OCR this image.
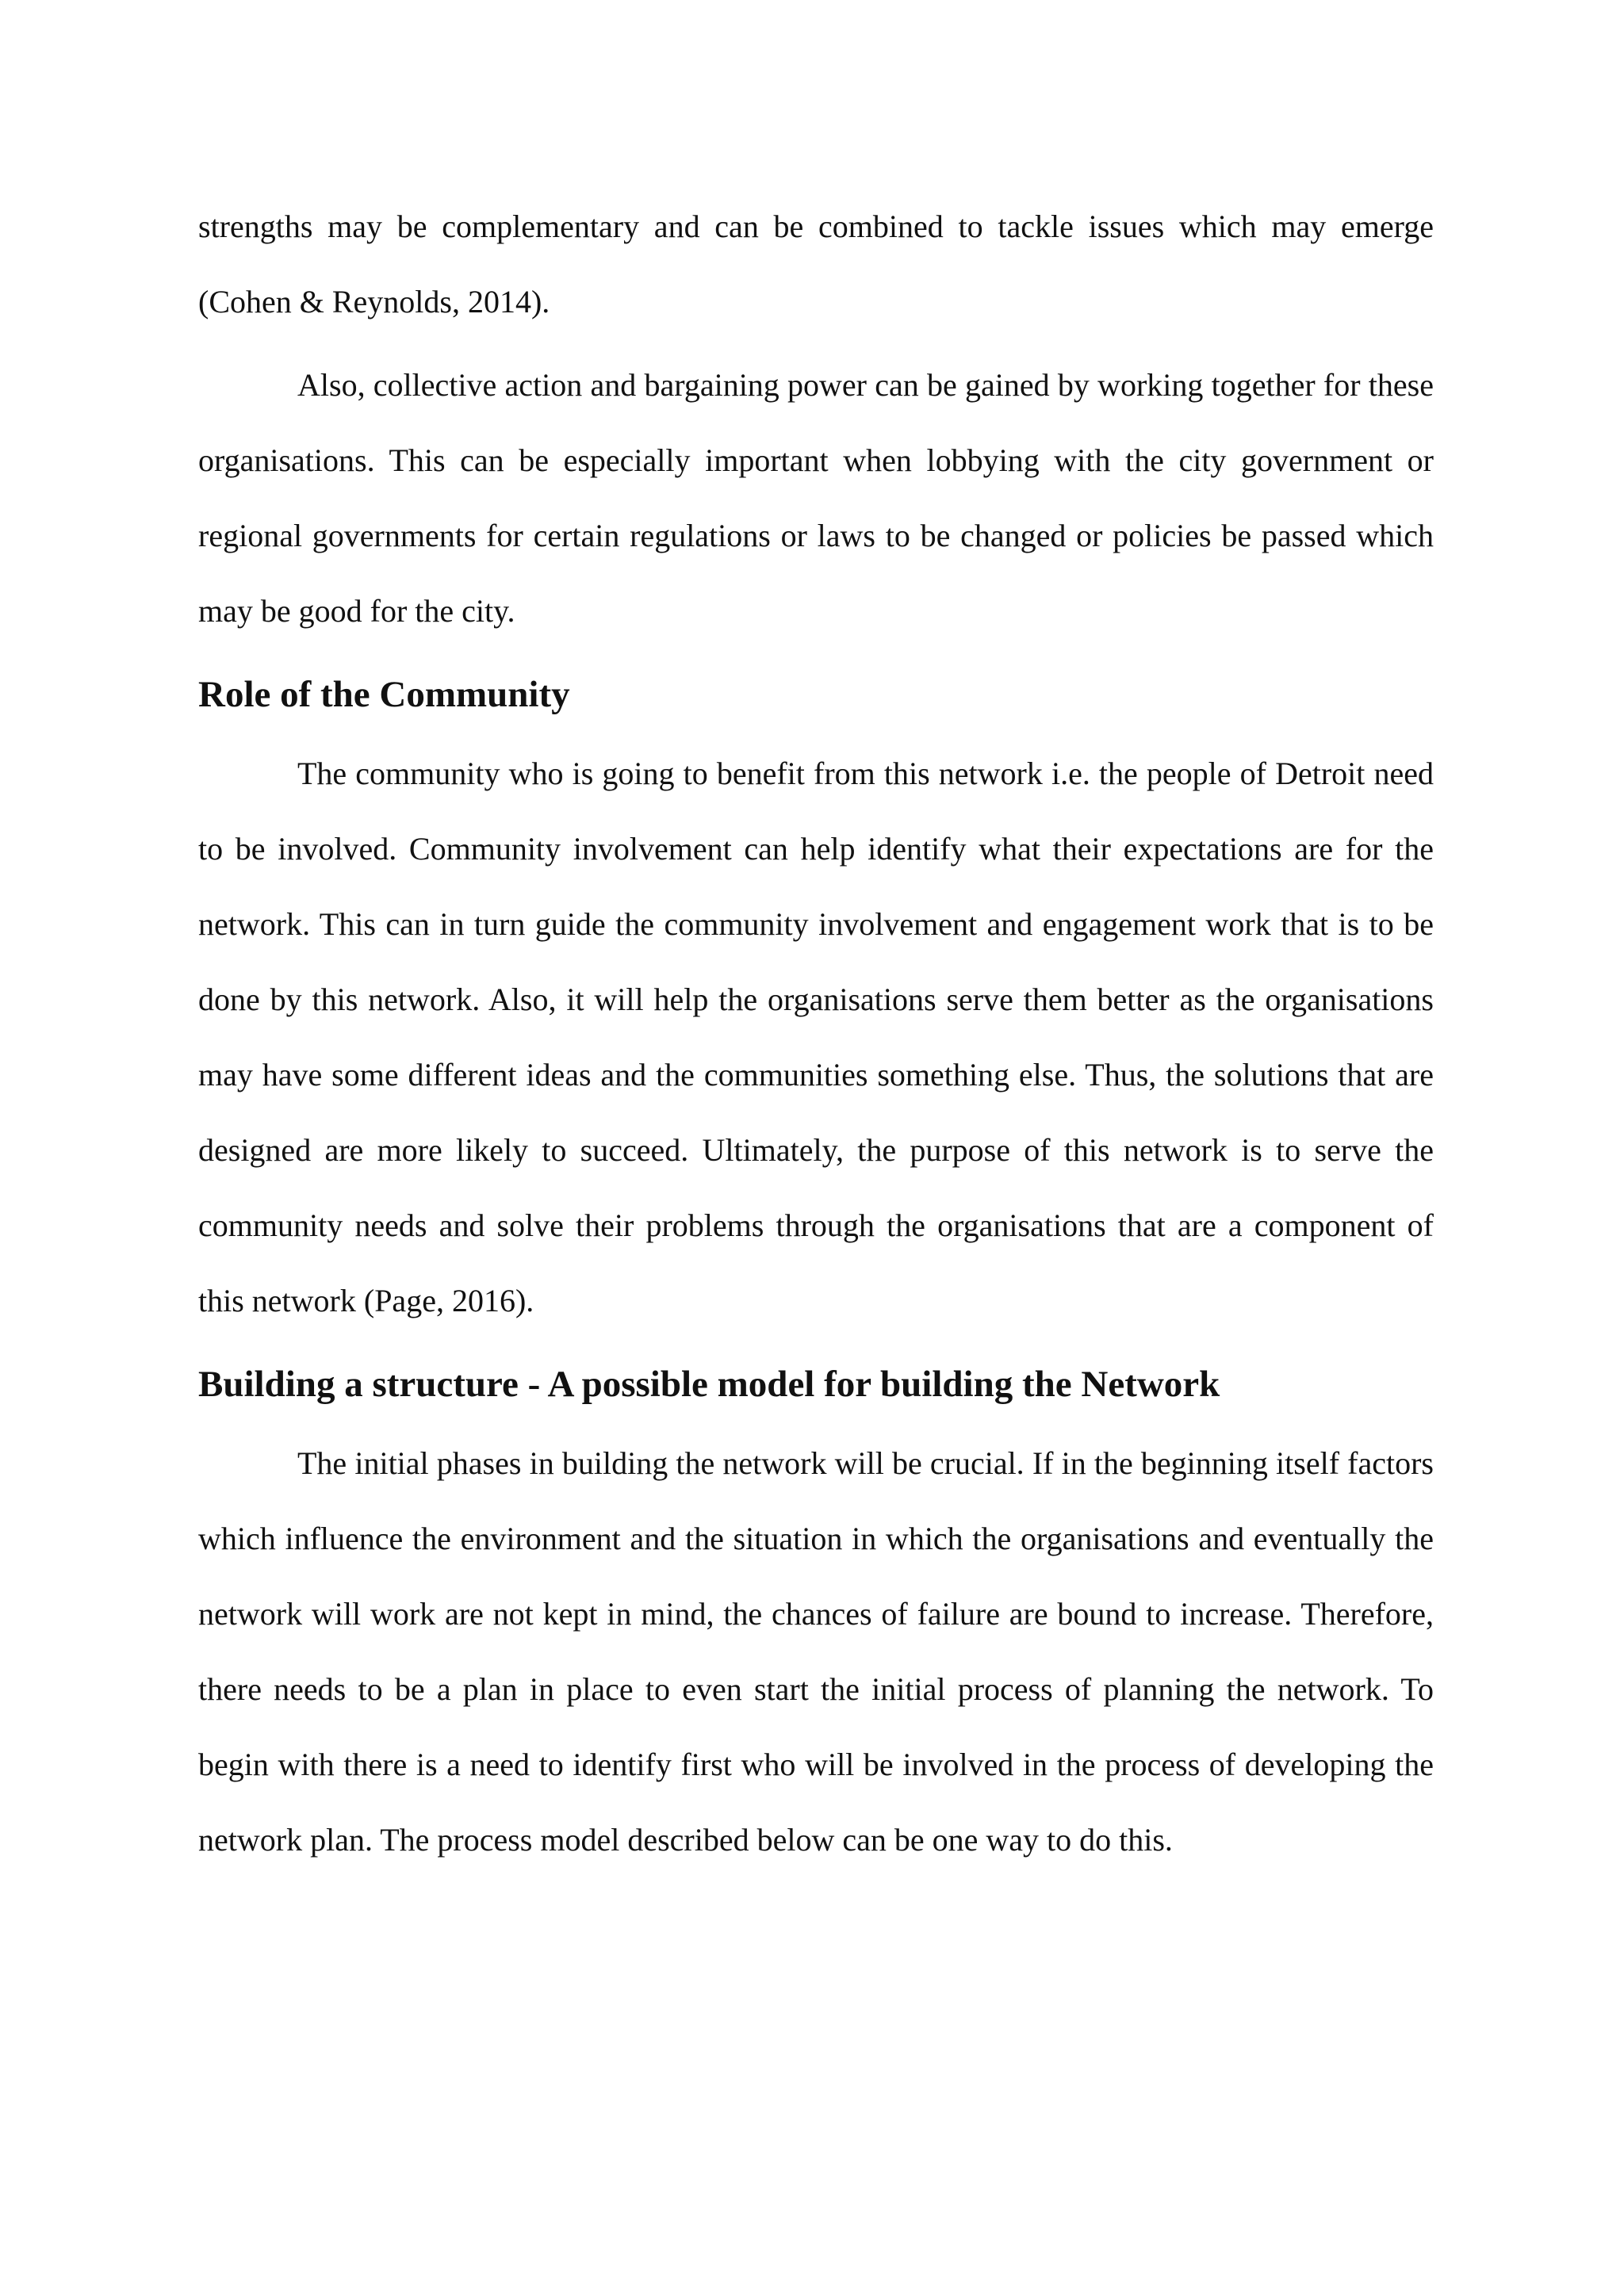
strengths may be complementary and can be combined to tackle issues which may emerge (Cohen & Reynolds, 2014).

Also, collective action and bargaining power can be gained by working together for these organisations. This can be especially important when lobbying with the city government or regional governments for certain regulations or laws to be changed or policies be passed which may be good for the city.

Role of the Community

The community who is going to benefit from this network i.e. the people of Detroit need to be involved. Community involvement can help identify what their expectations are for the network. This can in turn guide the community involvement and engagement work that is to be done by this network. Also, it will help the organisations serve them better as the organisations may have some different ideas and the communities something else. Thus, the solutions that are designed are more likely to succeed. Ultimately, the purpose of this network is to serve the community needs and solve their problems through the organisations that are a component of this network (Page, 2016).

Building a structure - A possible model for building the Network

The initial phases in building the network will be crucial. If in the beginning itself factors which influence the environment and the situation in which the organisations and eventually the network will work are not kept in mind, the chances of failure are bound to increase. Therefore, there needs to be a plan in place to even start the initial process of planning the network. To begin with there is a need to identify first who will be involved in the process of developing the network plan. The process model described below can be one way to do this.
